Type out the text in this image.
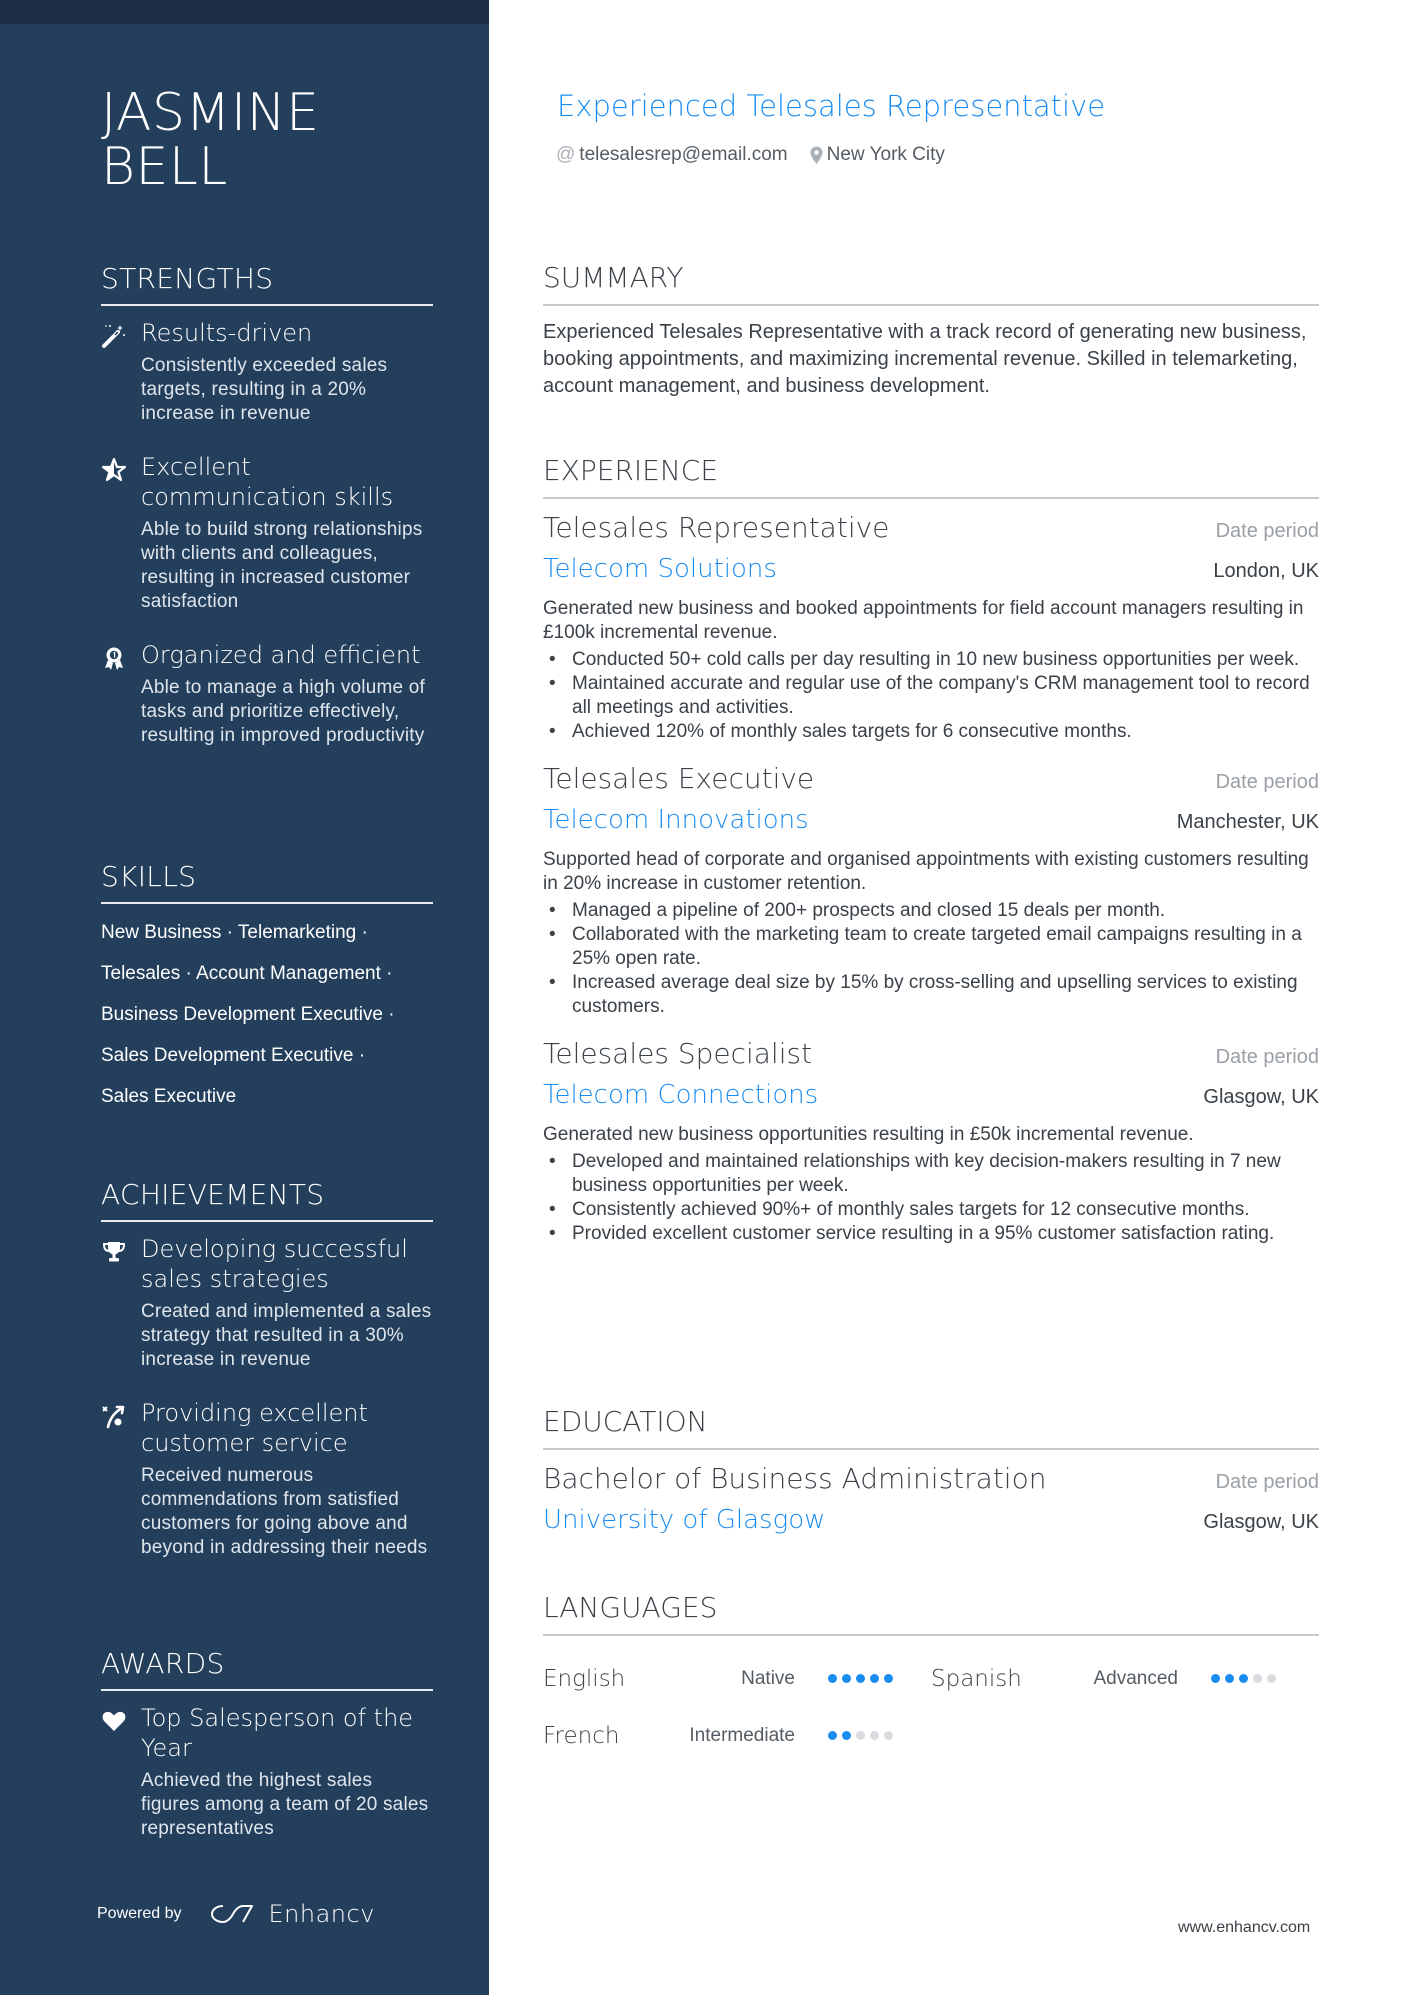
JASMINE
BELL
STRENGTHS
Results-driven
Consistently exceeded sales targets, resulting in a 20% increase in revenue
Excellent communication skills
Able to build strong relationships with clients and colleagues, resulting in increased customer satisfaction
Organized and efficient
Able to manage a high volume of tasks and prioritize effectively, resulting in improved productivity
SKILLS
New Business · Telemarketing ·
Telesales · Account Management ·
Business Development Executive ·
Sales Development Executive ·
Sales Executive
ACHIEVEMENTS
Developing successful sales strategies
Created and implemented a sales strategy that resulted in a 30% increase in revenue
Providing excellent customer service
Received numerous commendations from satisfied customers for going above and beyond in addressing their needs
AWARDS
Top Salesperson of the Year
Achieved the highest sales figures among a team of 20 sales representatives
Powered by	Enhancv
Experienced Telesales Representative
@ telesalesrep@email.com New York City
SUMMARY
Experienced Telesales Representative with a track record of generating new business, booking appointments, and maximizing incremental revenue. Skilled in telemarketing, account management, and business development.
EXPERIENCE
Telesales Representative	Date period
Telecom Solutions	London, UK
Generated new business and booked appointments for field account managers resulting in £100k incremental revenue.
• Conducted 50+ cold calls per day resulting in 10 new business opportunities per week.
• Maintained accurate and regular use of the company's CRM management tool to record all meetings and activities.
• Achieved 120% of monthly sales targets for 6 consecutive months.
Telesales Executive	Date period
Telecom Innovations	Manchester, UK
Supported head of corporate and organised appointments with existing customers resulting in 20% increase in customer retention.
• Managed a pipeline of 200+ prospects and closed 15 deals per month.
• Collaborated with the marketing team to create targeted email campaigns resulting in a 25% open rate.
• Increased average deal size by 15% by cross-selling and upselling services to existing customers.
Telesales Specialist	Date period
Telecom Connections	Glasgow, UK
Generated new business opportunities resulting in £50k incremental revenue.
• Developed and maintained relationships with key decision-makers resulting in 7 new business opportunities per week.
• Consistently achieved 90%+ of monthly sales targets for 12 consecutive months.
• Provided excellent customer service resulting in a 95% customer satisfaction rating.
EDUCATION
Bachelor of Business Administration	Date period
University of Glasgow	Glasgow, UK
LANGUAGES
English	Native	Spanish	Advanced
French	Intermediate
www.enhancv.com
